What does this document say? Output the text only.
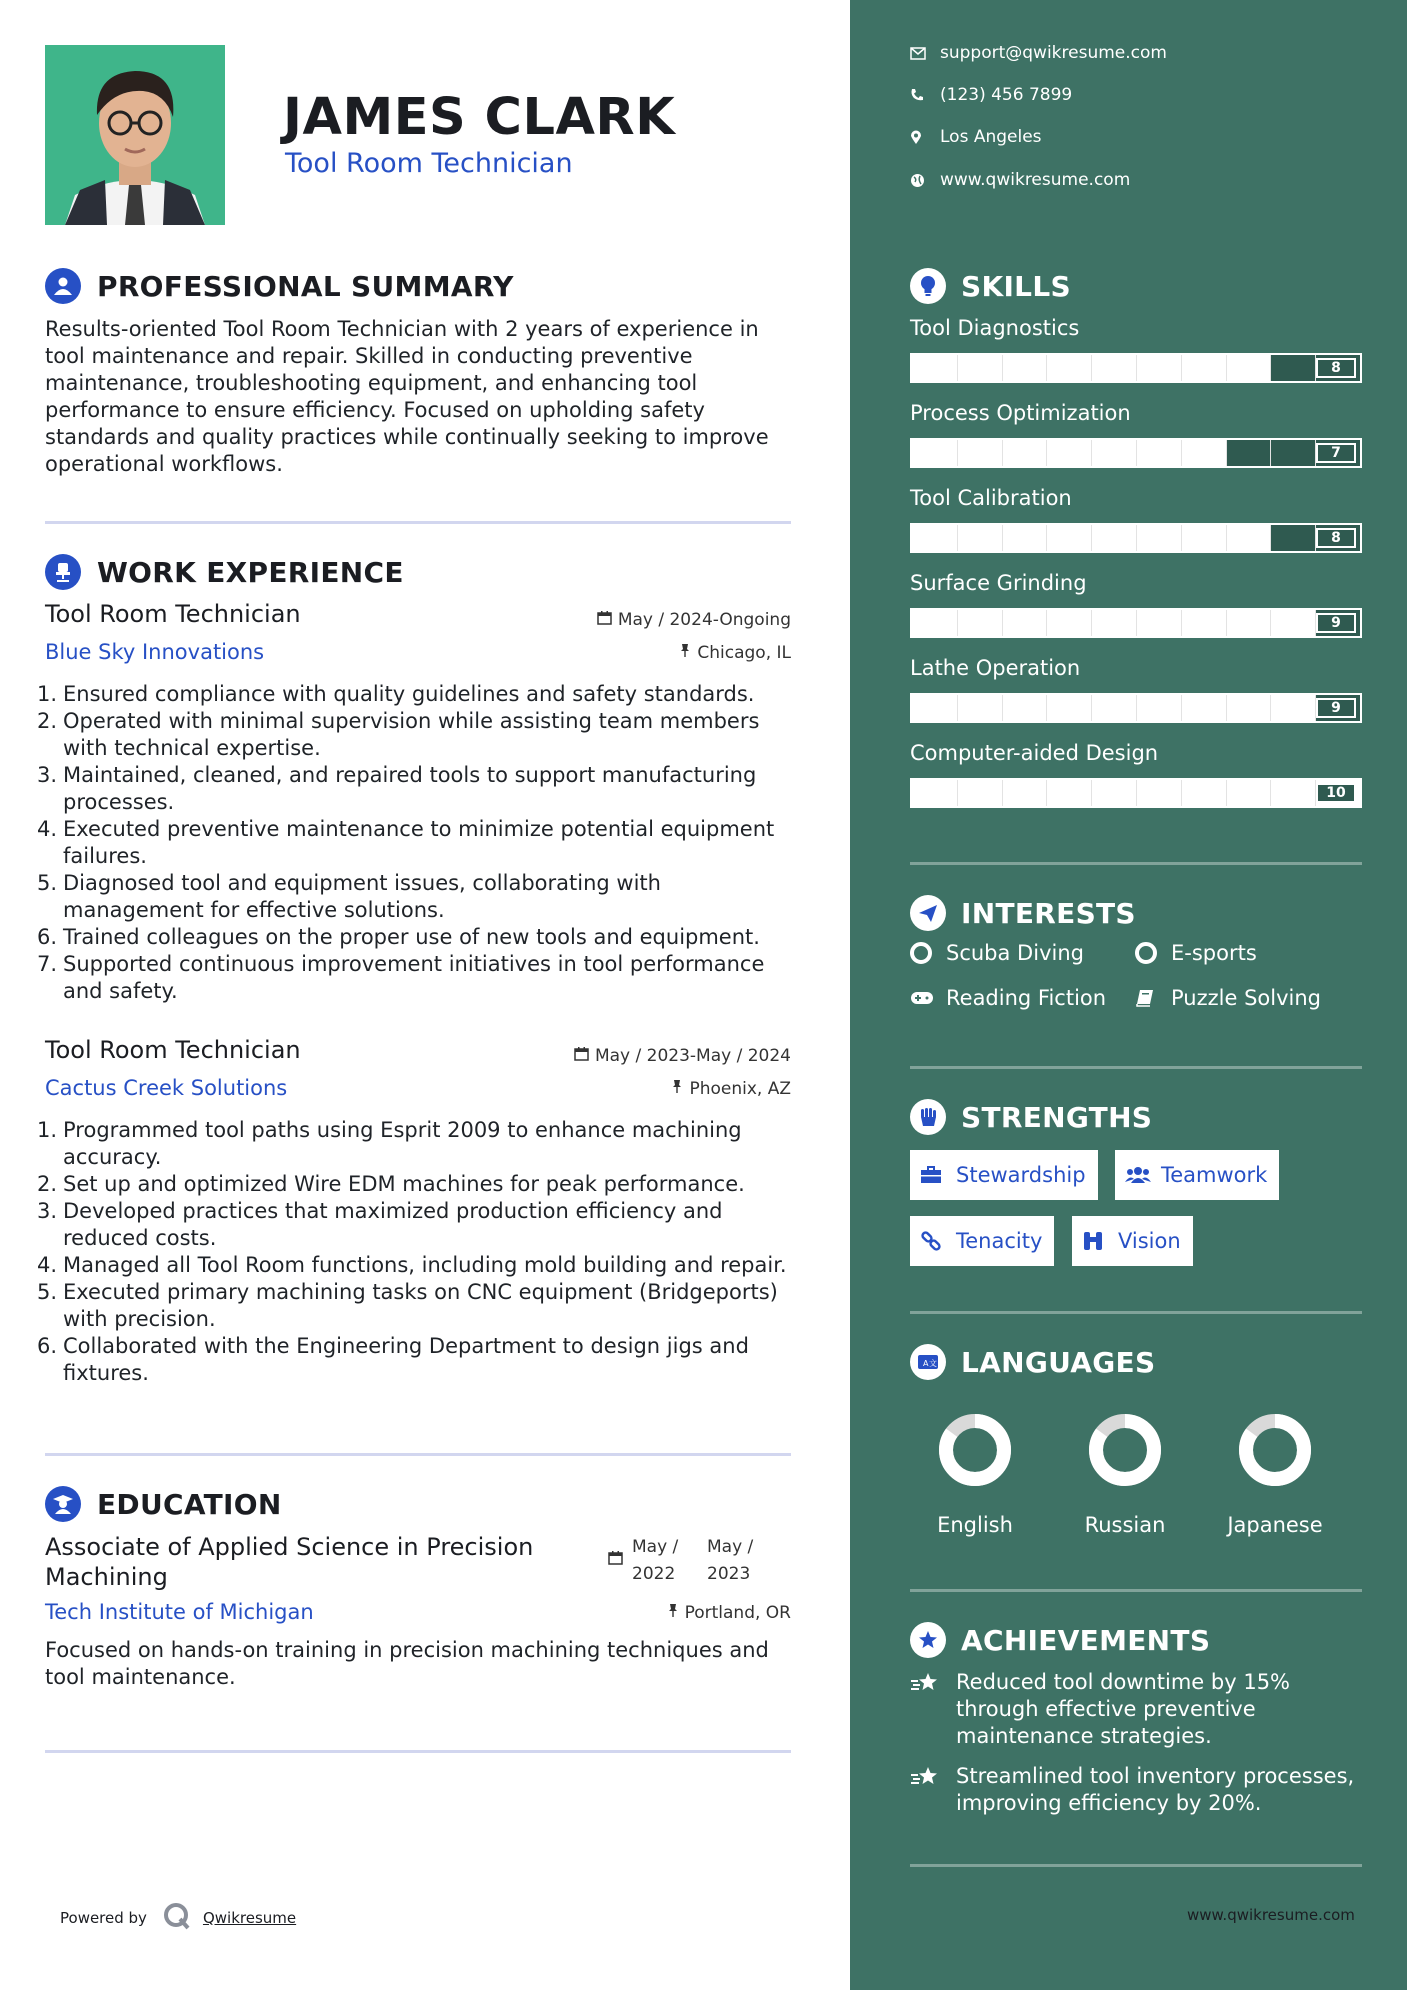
JAMES CLARK
Tool Room Technician
PROFESSIONAL SUMMARY
Results-oriented Tool Room Technician with 2 years of experience in tool maintenance and repair. Skilled in conducting preventive maintenance, troubleshooting equipment, and enhancing tool performance to ensure efficiency. Focused on upholding safety standards and quality practices while continually seeking to improve operational workflows.
WORK EXPERIENCE
Tool Room Technician	May / 2024-Ongoing
Blue Sky Innovations	Chicago, IL
Ensured compliance with quality guidelines and safety standards.
Operated with minimal supervision while assisting team members with technical expertise.
Maintained, cleaned, and repaired tools to support manufacturing processes.
Executed preventive maintenance to minimize potential equipment failures.
Diagnosed tool and equipment issues, collaborating with management for effective solutions.
Trained colleagues on the proper use of new tools and equipment.
Supported continuous improvement initiatives in tool performance and safety.
Tool Room Technician	May / 2023-May / 2024
Cactus Creek Solutions	Phoenix, AZ
Programmed tool paths using Esprit 2009 to enhance machining accuracy.
Set up and optimized Wire EDM machines for peak performance.
Developed practices that maximized production efficiency and reduced costs.
Managed all Tool Room functions, including mold building and repair.
Executed primary machining tasks on CNC equipment (Bridgeports) with precision.
Collaborated with the Engineering Department to design jigs and fixtures.
EDUCATION
Associate of Applied Science in Precision Machining
May / 2022
May / 2023
Tech Institute of Michigan	Portland, OR
Focused on hands-on training in precision machining techniques and tool maintenance.
Powered by	Qwikresume
support@qwikresume.com
(123) 456 7899
Los Angeles
www.qwikresume.com
SKILLS
Tool Diagnostics
8
Process Optimization
7
Tool Calibration
8
Surface Grinding
9
Lathe Operation
9
Computer-aided Design
10
INTERESTS
Scuba Diving	E-sports
Reading Fiction	Puzzle Solving
STRENGTHS
Stewardship	Teamwork
Tenacity	Vision
A 文 LANGUAGES
English	Russian	Japanese
ACHIEVEMENTS
Reduced tool downtime by 15% through effective preventive maintenance strategies.
Streamlined tool inventory processes, improving efficiency by 20%.
www.qwikresume.com
